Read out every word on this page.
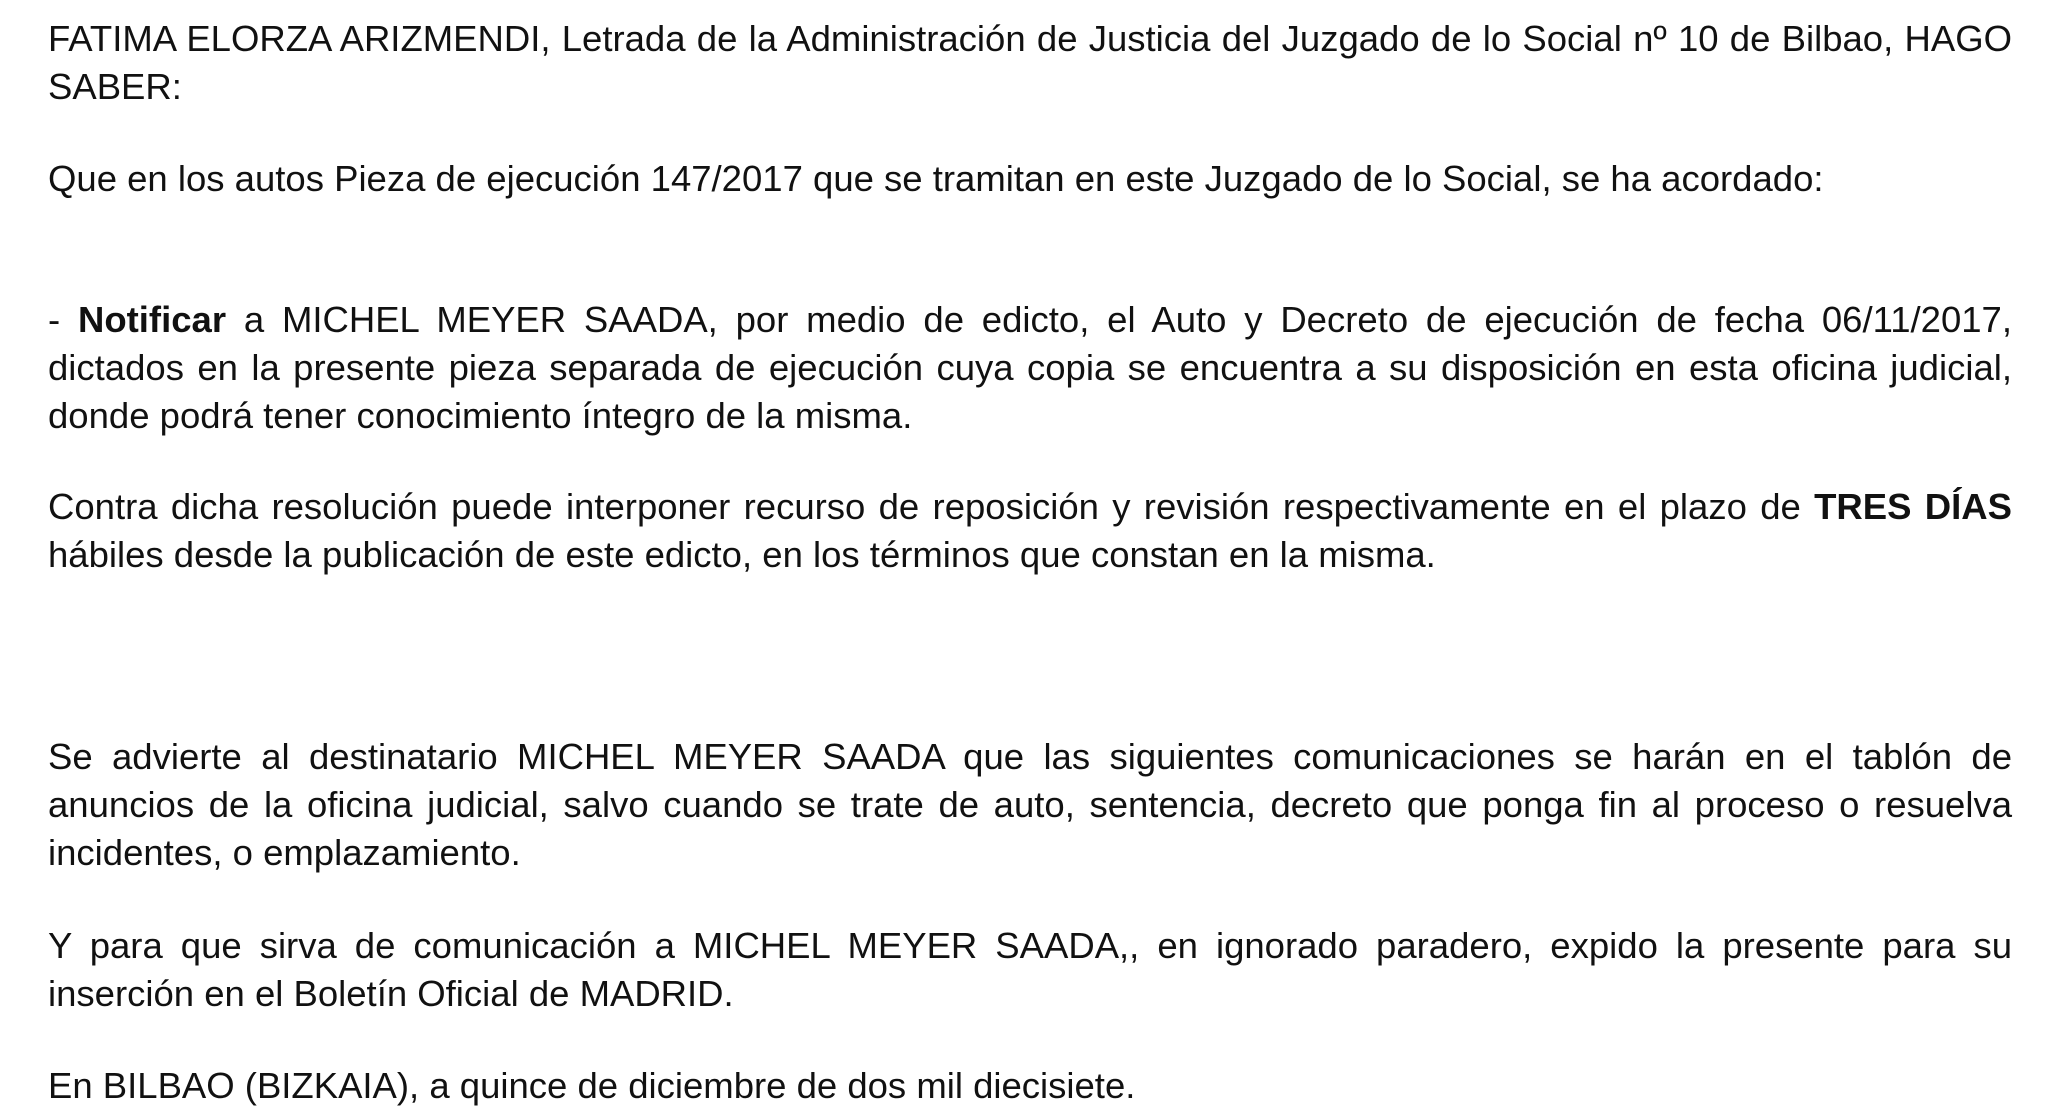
FATIMA ELORZA ARIZMENDI, Letrada de la Administración de Justicia del Juzgado de lo Social nº 10 de Bilbao, HAGO SABER:

Que en los autos Pieza de ejecución 147/2017 que se tramitan en este Juzgado de lo Social, se ha acordado:

- Notificar a MICHEL MEYER SAADA, por medio de edicto, el Auto y Decreto de ejecución de fecha 06/11/2017, dictados en la presente pieza separada de ejecución cuya copia se encuentra a su disposición en esta oficina judicial, donde podrá tener conocimiento íntegro de la misma.

Contra dicha resolución puede interponer recurso de reposición y revisión respectivamente en el plazo de TRES DÍAS hábiles desde la publicación de este edicto, en los términos que constan en la misma.

Se advierte al destinatario MICHEL MEYER SAADA que las siguientes comunicaciones se harán en el tablón de anuncios de la oficina judicial, salvo cuando se trate de auto, sentencia, decreto que ponga fin al proceso o resuelva incidentes, o emplazamiento.

Y para que sirva de comunicación a MICHEL MEYER SAADA,, en ignorado paradero, expido la presente para su inserción en el Boletín Oficial de MADRID.

En BILBAO (BIZKAIA), a quince de diciembre de dos mil diecisiete.
